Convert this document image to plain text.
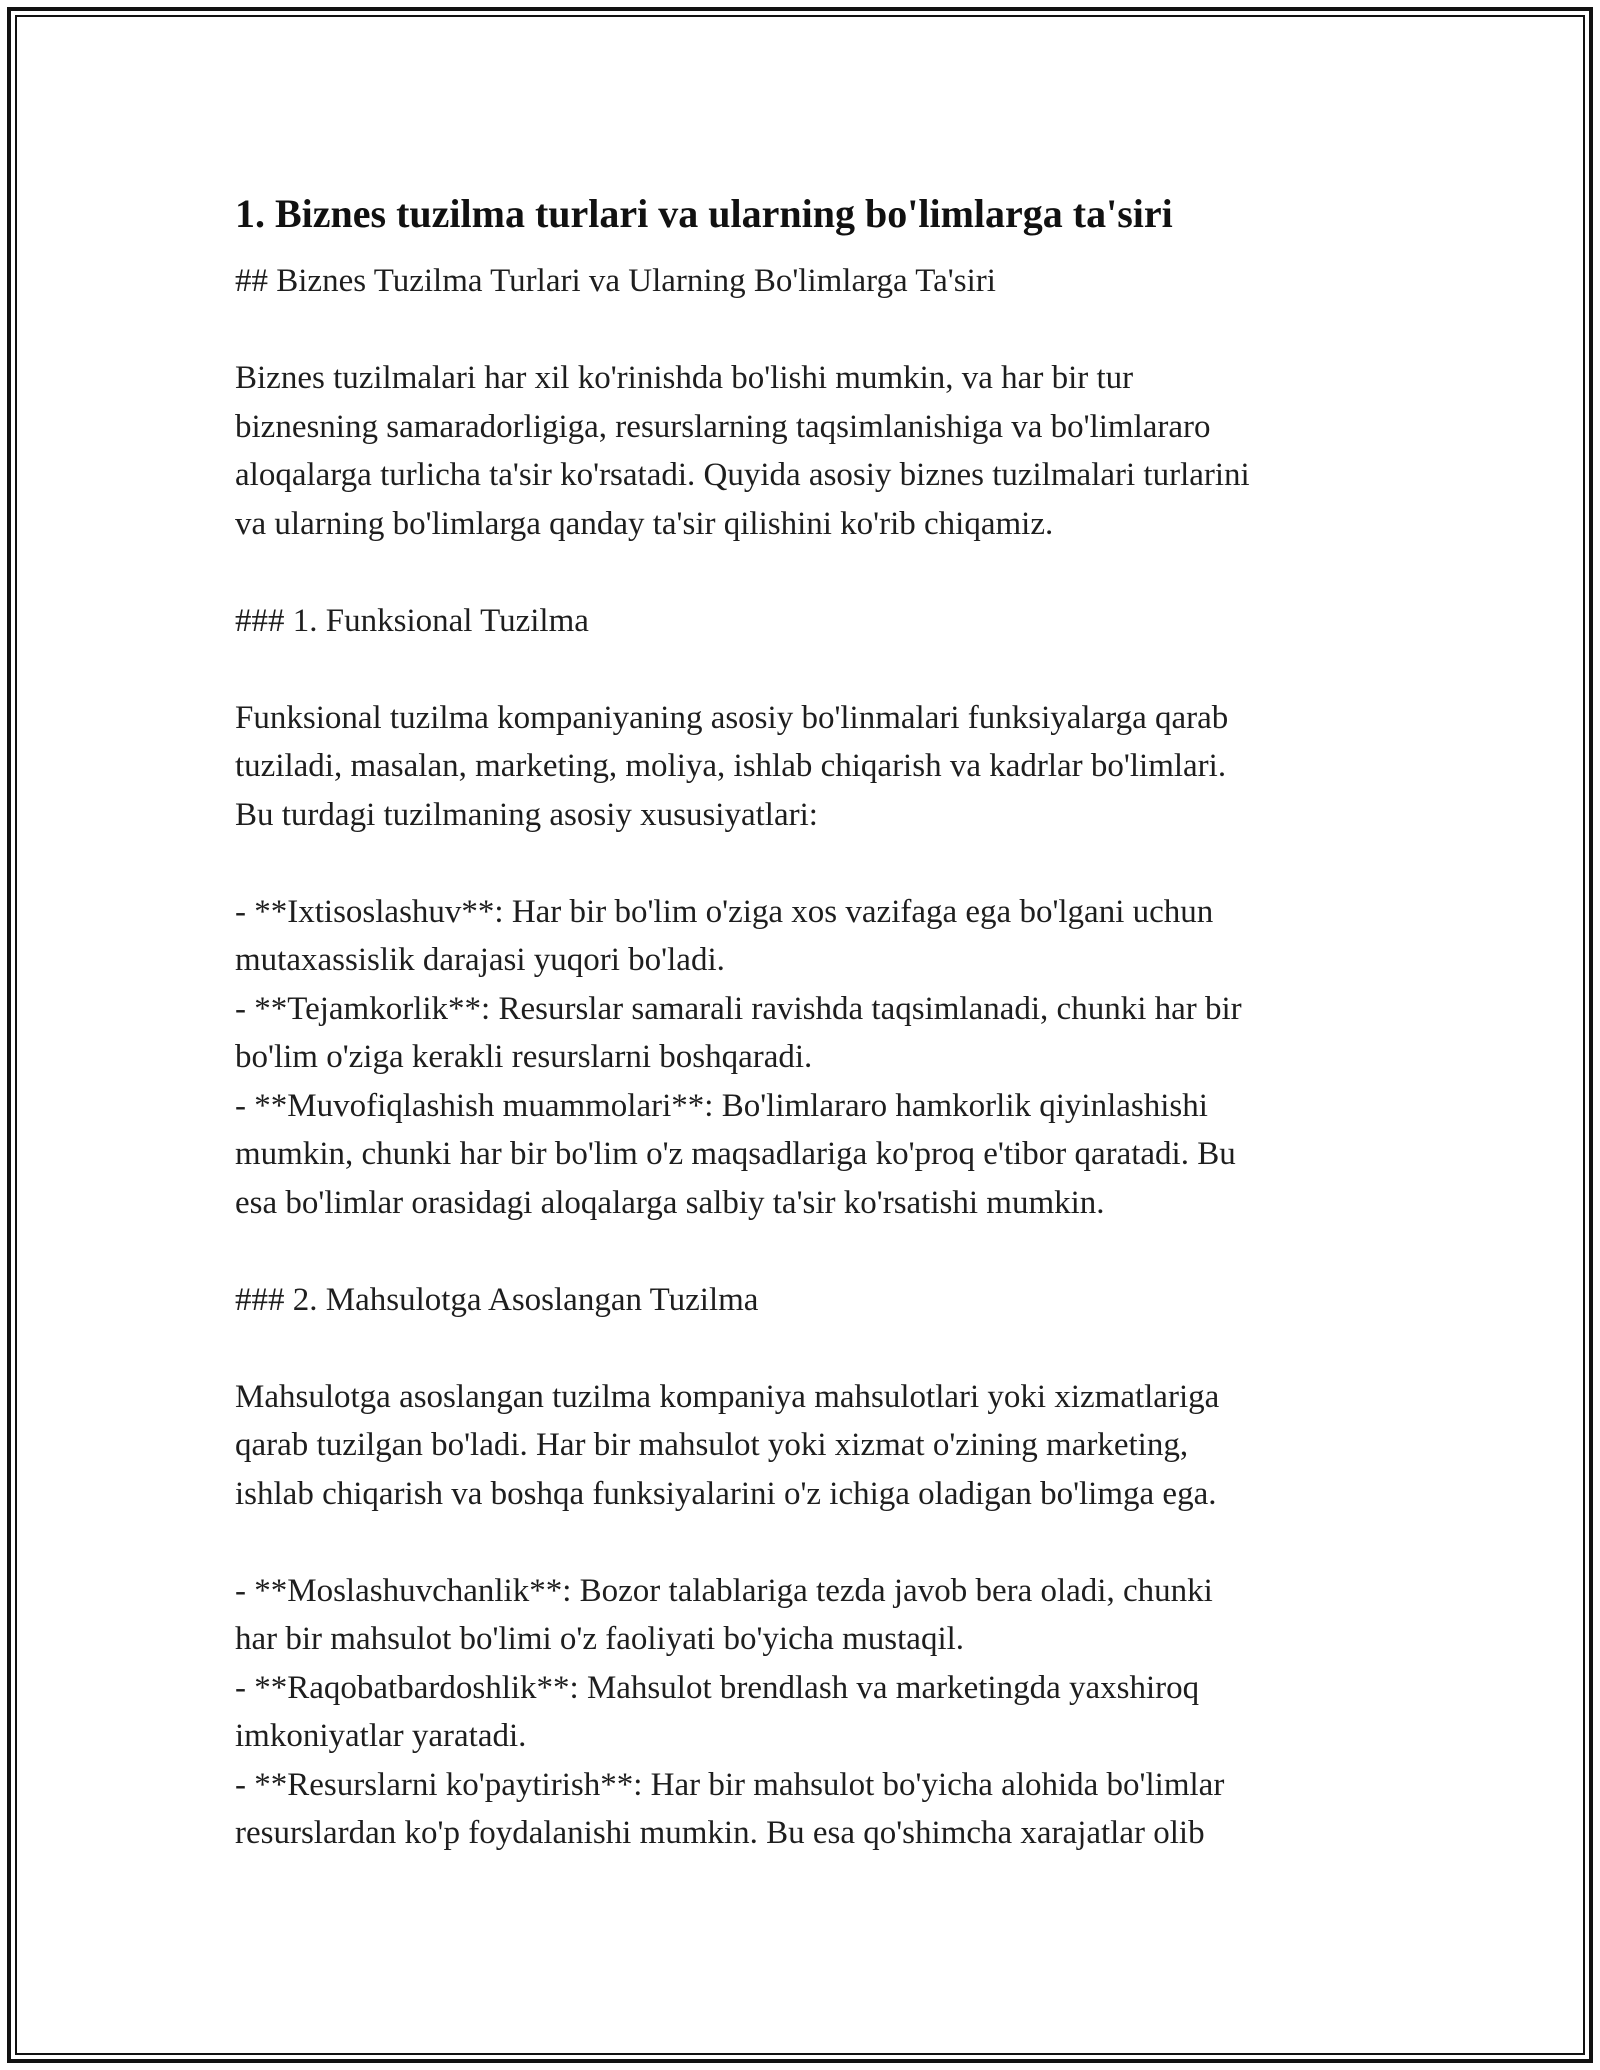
1. Biznes tuzilma turlari va ularning bo'limlarga ta'siri

## Biznes Tuzilma Turlari va Ularning Bo'limlarga Ta'siri

Biznes tuzilmalari har xil ko'rinishda bo'lishi mumkin, va har bir tur
biznesning samaradorligiga, resurslarning taqsimlanishiga va bo'limlararo
aloqalarga turlicha ta'sir ko'rsatadi. Quyida asosiy biznes tuzilmalari turlarini
va ularning bo'limlarga qanday ta'sir qilishini ko'rib chiqamiz.

### 1. Funksional Tuzilma

Funksional tuzilma kompaniyaning asosiy bo'linmalari funksiyalarga qarab
tuziladi, masalan, marketing, moliya, ishlab chiqarish va kadrlar bo'limlari.
Bu turdagi tuzilmaning asosiy xususiyatlari:

- **Ixtisoslashuv**: Har bir bo'lim o'ziga xos vazifaga ega bo'lgani uchun
mutaxassislik darajasi yuqori bo'ladi.
- **Tejamkorlik**: Resurslar samarali ravishda taqsimlanadi, chunki har bir
bo'lim o'ziga kerakli resurslarni boshqaradi.
- **Muvofiqlashish muammolari**: Bo'limlararo hamkorlik qiyinlashishi
mumkin, chunki har bir bo'lim o'z maqsadlariga ko'proq e'tibor qaratadi. Bu
esa bo'limlar orasidagi aloqalarga salbiy ta'sir ko'rsatishi mumkin.

### 2. Mahsulotga Asoslangan Tuzilma

Mahsulotga asoslangan tuzilma kompaniya mahsulotlari yoki xizmatlariga
qarab tuzilgan bo'ladi. Har bir mahsulot yoki xizmat o'zining marketing,
ishlab chiqarish va boshqa funksiyalarini o'z ichiga oladigan bo'limga ega.

- **Moslashuvchanlik**: Bozor talablariga tezda javob bera oladi, chunki
har bir mahsulot bo'limi o'z faoliyati bo'yicha mustaqil.
- **Raqobatbardoshlik**: Mahsulot brendlash va marketingda yaxshiroq
imkoniyatlar yaratadi.
- **Resurslarni ko'paytirish**: Har bir mahsulot bo'yicha alohida bo'limlar
resurslardan ko'p foydalanishi mumkin. Bu esa qo'shimcha xarajatlar olib
